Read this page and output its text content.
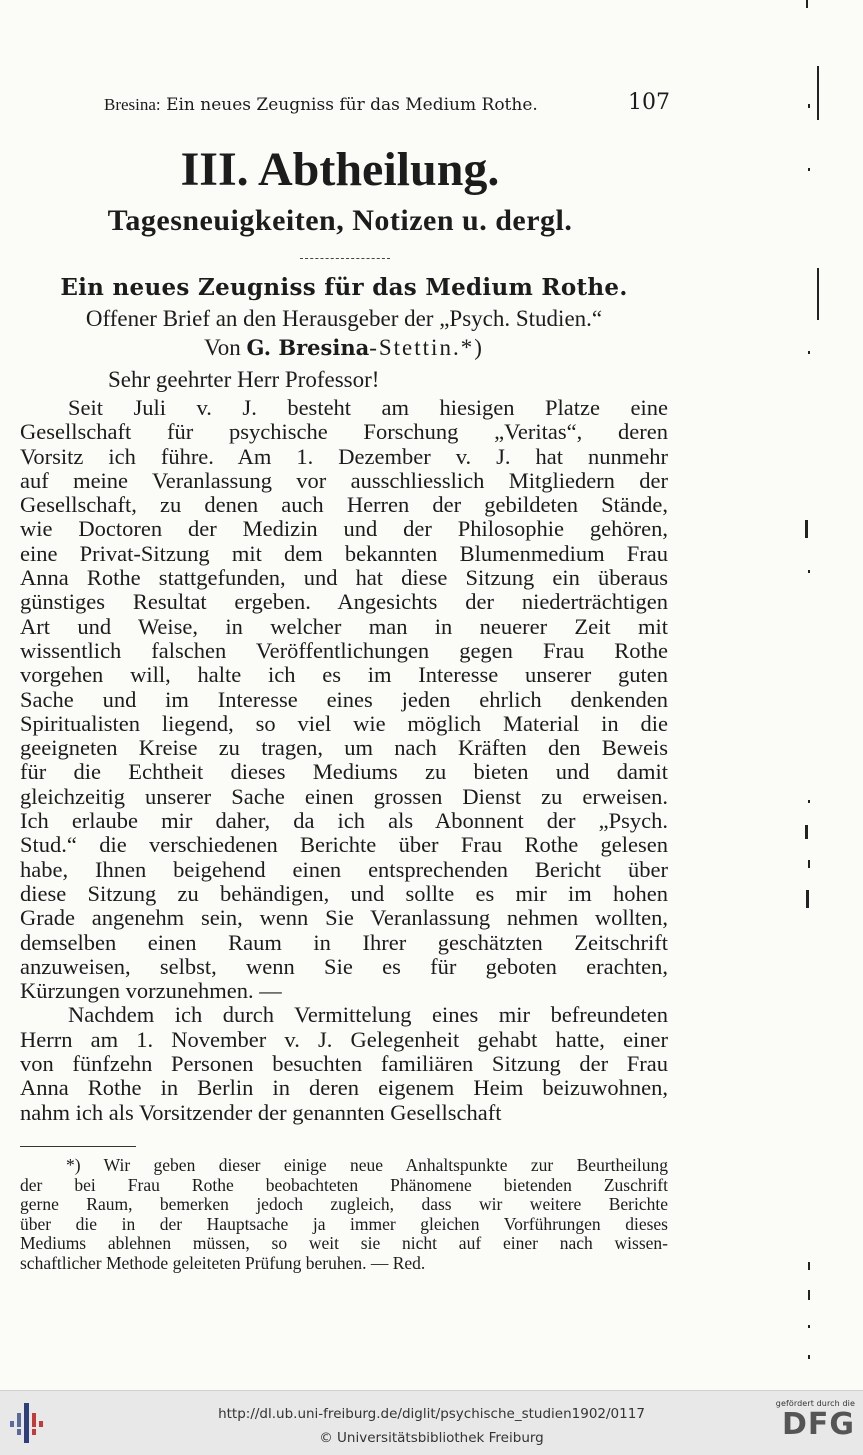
Bresina: Ein neues Zeugniss für das Medium Rothe.	107
III. Abtheilung.
Tagesneuigkeiten, Notizen u. dergl.
Ein neues Zeugniss für das Medium Rothe.
Offener Brief an den Herausgeber der „Psych. Studien.“
Von G. Bresina-Stettin.*)
Sehr geehrter Herr Professor!
Seit Juli v. J. besteht am hiesigen Platze eine
Gesellschaft für psychische Forschung „Veritas“, deren
Vorsitz ich führe. Am 1. Dezember v. J. hat nunmehr
auf meine Veranlassung vor ausschliesslich Mitgliedern der
Gesellschaft, zu denen auch Herren der gebildeten Stände,
wie Doctoren der Medizin und der Philosophie gehören,
eine Privat-Sitzung mit dem bekannten Blumenmedium Frau
Anna Rothe stattgefunden, und hat diese Sitzung ein überaus
günstiges Resultat ergeben. Angesichts der niederträchtigen
Art und Weise, in welcher man in neuerer Zeit mit
wissentlich falschen Veröffentlichungen gegen Frau Rothe
vorgehen will, halte ich es im Interesse unserer guten
Sache und im Interesse eines jeden ehrlich denkenden
Spiritualisten liegend, so viel wie möglich Material in die
geeigneten Kreise zu tragen, um nach Kräften den Beweis
für die Echtheit dieses Mediums zu bieten und damit
gleichzeitig unserer Sache einen grossen Dienst zu erweisen.
Ich erlaube mir daher, da ich als Abonnent der „Psych.
Stud.“ die verschiedenen Berichte über Frau Rothe gelesen
habe, Ihnen beigehend einen entsprechenden Bericht über
diese Sitzung zu behändigen, und sollte es mir im hohen
Grade angenehm sein, wenn Sie Veranlassung nehmen wollten,
demselben einen Raum in Ihrer geschätzten Zeitschrift
anzuweisen, selbst, wenn Sie es für geboten erachten,
Kürzungen vorzunehmen. —
Nachdem ich durch Vermittelung eines mir befreundeten
Herrn am 1. November v. J. Gelegenheit gehabt hatte, einer
von fünfzehn Personen besuchten familiären Sitzung der Frau
Anna Rothe in Berlin in deren eigenem Heim beizuwohnen,
nahm ich als Vorsitzender der genannten Gesellschaft
*) Wir geben dieser einige neue Anhaltspunkte zur Beurtheilung
der bei Frau Rothe beobachteten Phänomene bietenden Zuschrift
gerne Raum, bemerken jedoch zugleich, dass wir weitere Berichte
über die in der Hauptsache ja immer gleichen Vorführungen dieses
Mediums ablehnen müssen, so weit sie nicht auf einer nach wissen-
schaftlicher Methode geleiteten Prüfung beruhen. — Red.
http://dl.ub.uni-freiburg.de/diglit/psychische_studien1902/0117
© Universitätsbibliothek Freiburg
gefördert durch die
DFG
